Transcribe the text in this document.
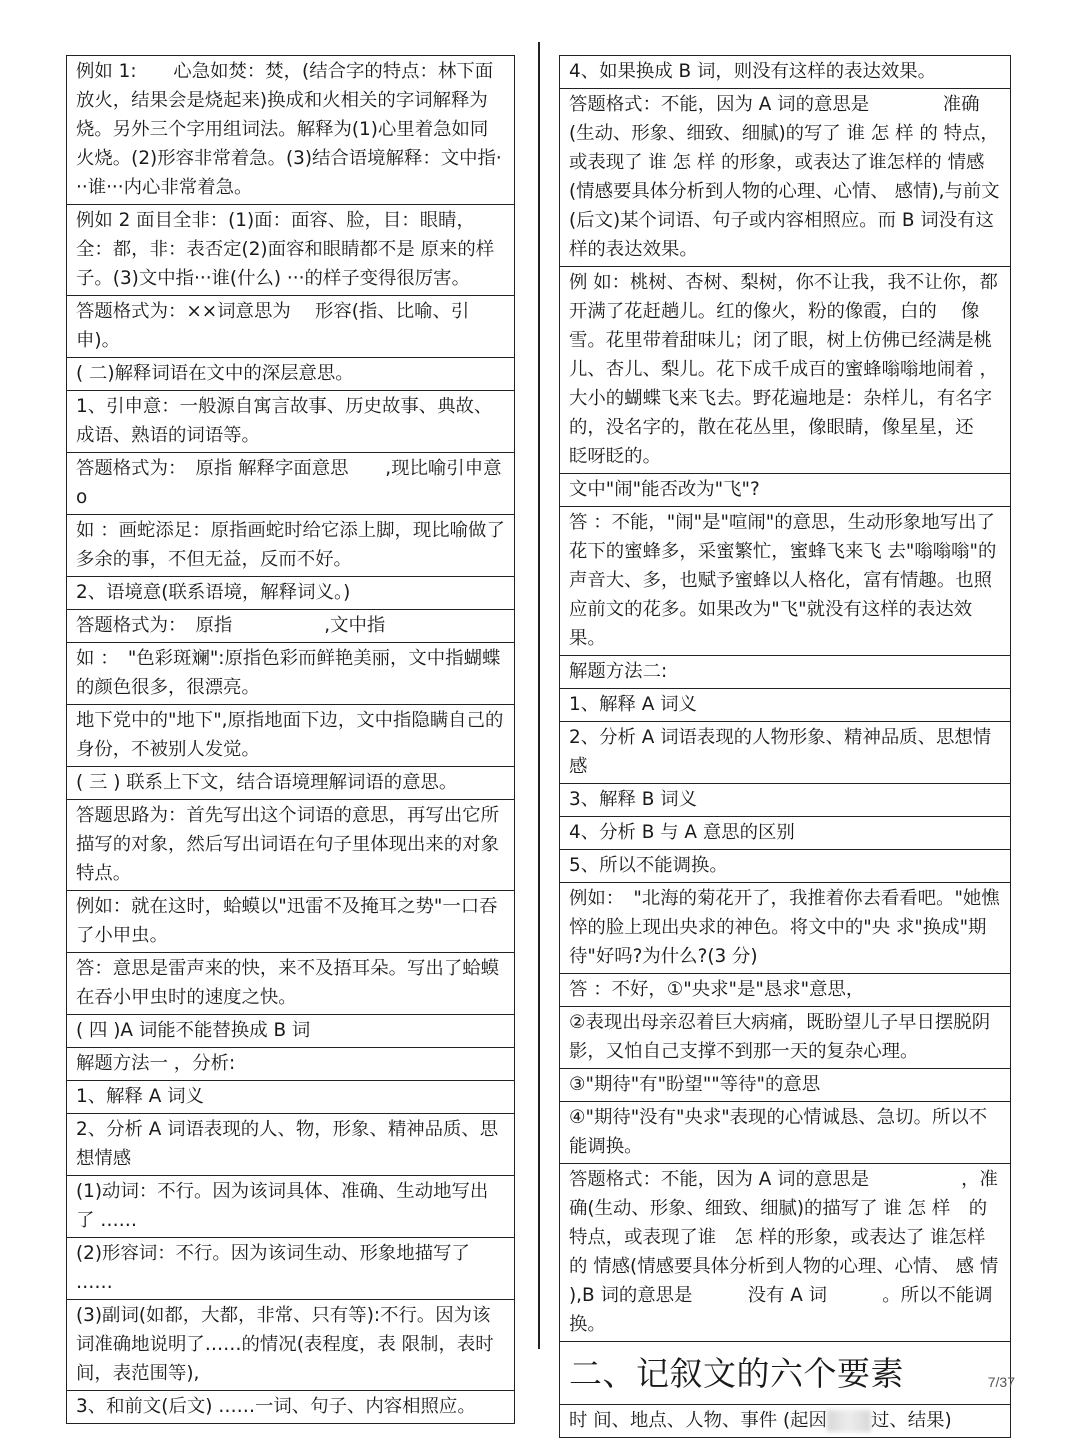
例如 1:　　心急如焚：焚，(结合字的特点：林下面放火，结果会是烧起来)换成和火相关的字词解释为烧。另外三个字用组词法。解释为(1)心里着急如同火烧。(2)形容非常着急。(3)结合语境解释：文中指···谁···内心非常着急。
例如 2 面目全非：(1)面：面容、脸，目：眼睛，全：都，非：表否定(2)面容和眼睛都不是 原来的样子。(3)文中指···谁(什么) ···的样子变得很厉害。
答题格式为：××词意思为　 形容(指、比喻、引申)。
( 二)解释词语在文中的深层意思。
1、引申意：一般源自寓言故事、历史故事、典故、成语、熟语的词语等。
答题格式为：　原指 解释字面意思　　,现比喻引申意　o
如 ：画蛇添足：原指画蛇时给它添上脚，现比喻做了多余的事，不但无益，反而不好。
2、语境意(联系语境，解释词义。)
答题格式为：　原指　　　　　,文中指
如 ：　"色彩斑斓":原指色彩而鲜艳美丽，文中指蝴蝶的颜色很多，很漂亮。
地下党中的"地下",原指地面下边，文中指隐瞒自己的身份，不被别人发觉。
( 三 ) 联系上下文，结合语境理解词语的意思。
答题思路为：首先写出这个词语的意思，再写出它所描写的对象，然后写出词语在句子里体现出来的对象特点。
例如：就在这时，蛤蟆以"迅雷不及掩耳之势"一口吞了小甲虫。
答：意思是雷声来的快，来不及捂耳朵。写出了蛤蟆在吞小甲虫时的速度之快。
( 四 )A 词能不能替换成 B 词
解题方法一 ，分析:
1、解释 A 词义
2、分析 A 词语表现的人、物，形象、精神品质、思想情感
(1)动词：不行。因为该词具体、准确、生动地写出了 ……
(2)形容词：不行。因为该词生动、形象地描写了 ……
(3)副词(如都，大都，非常、只有等):不行。因为该词准确地说明了……的情况(表程度，表 限制，表时间，表范围等),
3、和前文(后文) ……一词、句子、内容相照应。
4、如果换成 B 词，则没有这样的表达效果。
答题格式：不能，因为 A 词的意思是　　　　准确(生动、形象、细致、细腻)的写了 谁 怎 样 的 特点，或表现了 谁 怎 样 的形象，或表达了谁怎样的 情感(情感要具体分析到人物的心理、心情、 感情),与前文(后文)某个词语、句子或内容相照应。而 B 词没有这样的表达效果。
例 如：桃树、杏树、梨树，你不让我，我不让你，都开满了花赶趟儿。红的像火，粉的像霞，白的　 像雪。花里带着甜味儿；闭了眼，树上仿佛已经满是桃儿、杏儿、梨儿。花下成千成百的蜜蜂嗡嗡地闹着 ，　大小的蝴蝶飞来飞去。野花遍地是：杂样儿，有名字的，没名字的，散在花丛里，像眼睛，像星星，还　眨呀眨的。
文中"闹"能否改为"飞"?
答 ：不能，"闹"是"喧闹"的意思，生动形象地写出了花下的蜜蜂多，采蜜繁忙，蜜蜂飞来飞 去"嗡嗡嗡"的声音大、多，也赋予蜜蜂以人格化，富有情趣。也照应前文的花多。如果改为"飞"就没有这样的表达效果。
解题方法二:
1、解释 A 词义
2、分析 A 词语表现的人物形象、精神品质、思想情感
3、解释 B 词义
4、分析 B 与 A 意思的区别
5、所以不能调换。
例如：　"北海的菊花开了，我推着你去看看吧。"她憔悴的脸上现出央求的神色。将文中的"央 求"换成"期待"好吗?为什么?(3 分)
答 ：不好，①"央求"是"恳求"意思，
②表现出母亲忍着巨大病痛，既盼望儿子早日摆脱阴影，又怕自己支撑不到那一天的复杂心理。
③"期待"有"盼望""等待"的意思
④"期待"没有"央求"表现的心情诚恳、急切。所以不能调换。
答题格式：不能，因为 A 词的意思是　　　　　，准确(生动、形象、细致、细腻)的描写了 谁 怎 样　的特点，或表现了谁　怎 样的形象，或表达了 谁怎样的 情感(情感要具体分析到人物的心理、心情、 感 情 ),B 词的意思是　　　没有 A 词　　　。所以不能调换。
二、记叙文的六个要素
时 间、地点、人物、事件 (起因 过、结果)
7/37
